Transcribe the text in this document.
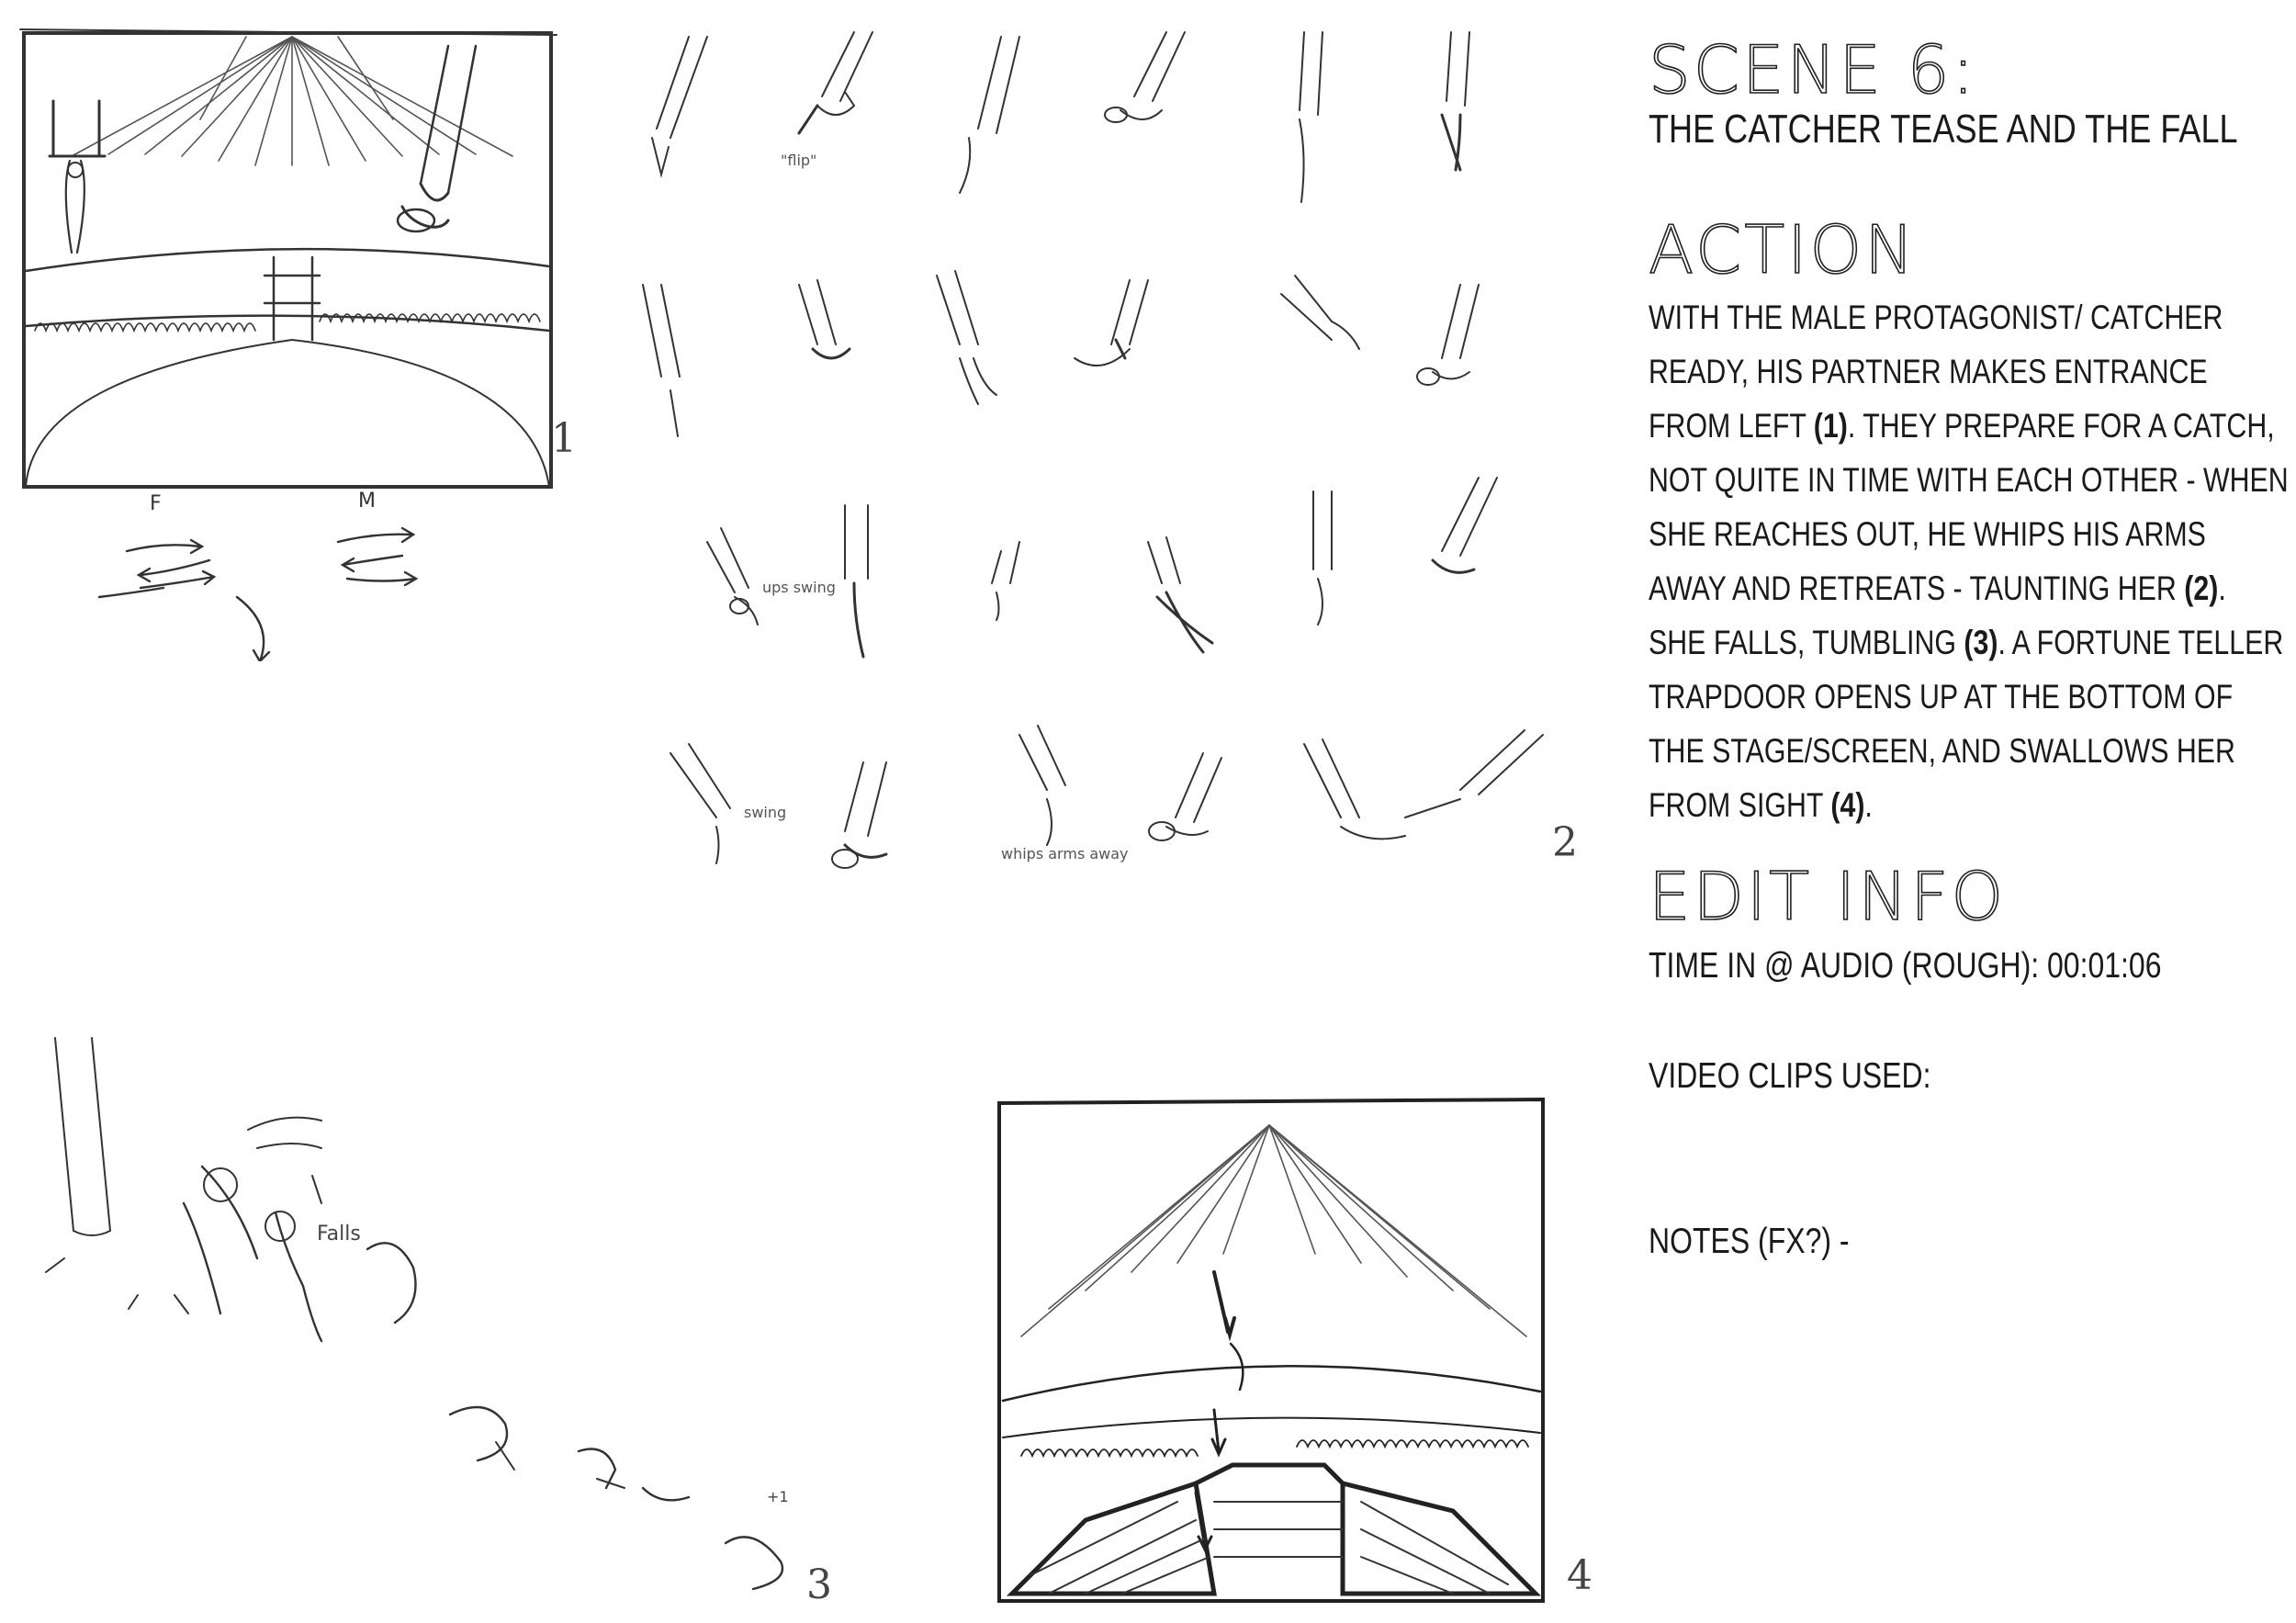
F	M
1
"flip"
ups swing
swing
whips arms away	2
Falls
+1
3	4
SCENE 6:
THE CATCHER TEASE AND THE FALL
ACTION
WITH THE MALE PROTAGONIST/ CATCHER READY, HIS PARTNER MAKES ENTRANCE FROM LEFT (1). THEY PREPARE FOR A CATCH, NOT QUITE IN TIME WITH EACH OTHER - WHEN SHE REACHES OUT, HE WHIPS HIS ARMS AWAY AND RETREATS - TAUNTING HER (2). SHE FALLS, TUMBLING (3). A FORTUNE TELLER TRAPDOOR OPENS UP AT THE BOTTOM OF THE STAGE/SCREEN, AND SWALLOWS HER FROM SIGHT (4).
EDIT INFO
TIME IN @ AUDIO (ROUGH): 00:01:06
VIDEO CLIPS USED:
NOTES (FX?) -
